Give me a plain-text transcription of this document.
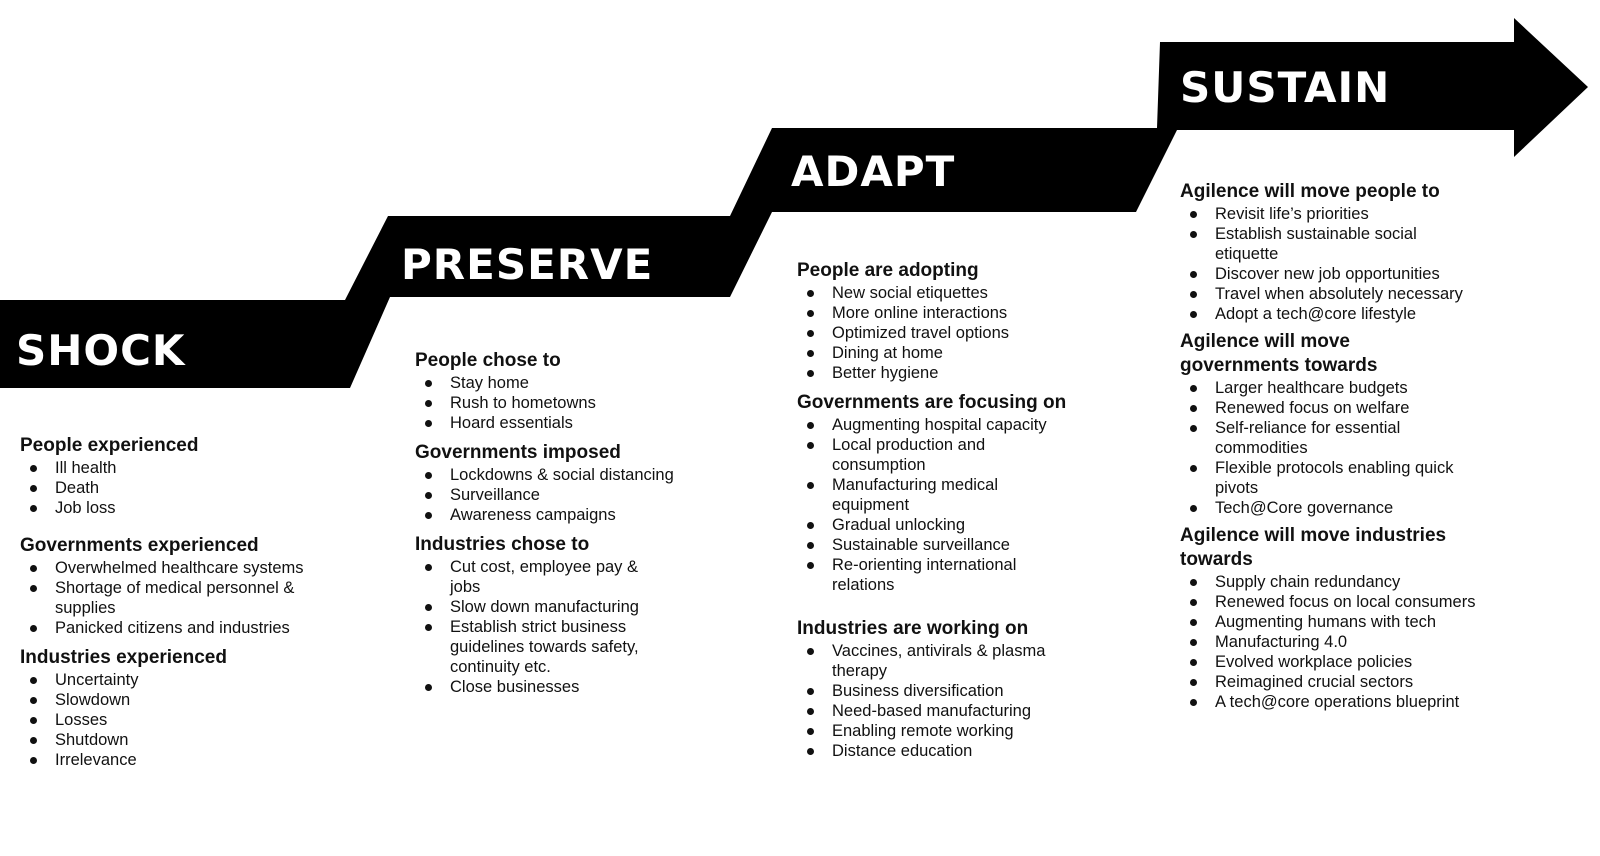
SHOCK
PRESERVE
ADAPT
SUSTAIN
People experienced
Ill health
Death
Job loss
Governments experienced
Overwhelmed healthcare systems
Shortage of medical personnel & supplies
Panicked citizens and industries
Industries experienced
Uncertainty
Slowdown
Losses
Shutdown
Irrelevance
People chose to
Stay home
Rush to hometowns
Hoard essentials
Governments imposed
Lockdowns & social distancing
Surveillance
Awareness campaigns
Industries chose to
Cut cost, employee pay & jobs
Slow down manufacturing
Establish strict business guidelines towards safety, continuity etc.
Close businesses
People are adopting
New social etiquettes
More online interactions
Optimized travel options
Dining at home
Better hygiene
Governments are focusing on
Augmenting hospital capacity
Local production and consumption
Manufacturing medical equipment
Gradual unlocking
Sustainable surveillance
Re-orienting international relations
Industries are working on
Vaccines, antivirals & plasma therapy
Business diversification
Need-based manufacturing
Enabling remote working
Distance education
Agilence will move people to
Revisit life’s priorities
Establish sustainable social etiquette
Discover new job opportunities
Travel when absolutely necessary
Adopt a tech@core lifestyle
Agilence will move governments towards
Larger healthcare budgets
Renewed focus on welfare
Self-reliance for essential commodities
Flexible protocols enabling quick pivots
Tech@Core governance
Agilence will move industries towards
Supply chain redundancy
Renewed focus on local consumers
Augmenting humans with tech
Manufacturing 4.0
Evolved workplace policies
Reimagined crucial sectors
A tech@core operations blueprint
